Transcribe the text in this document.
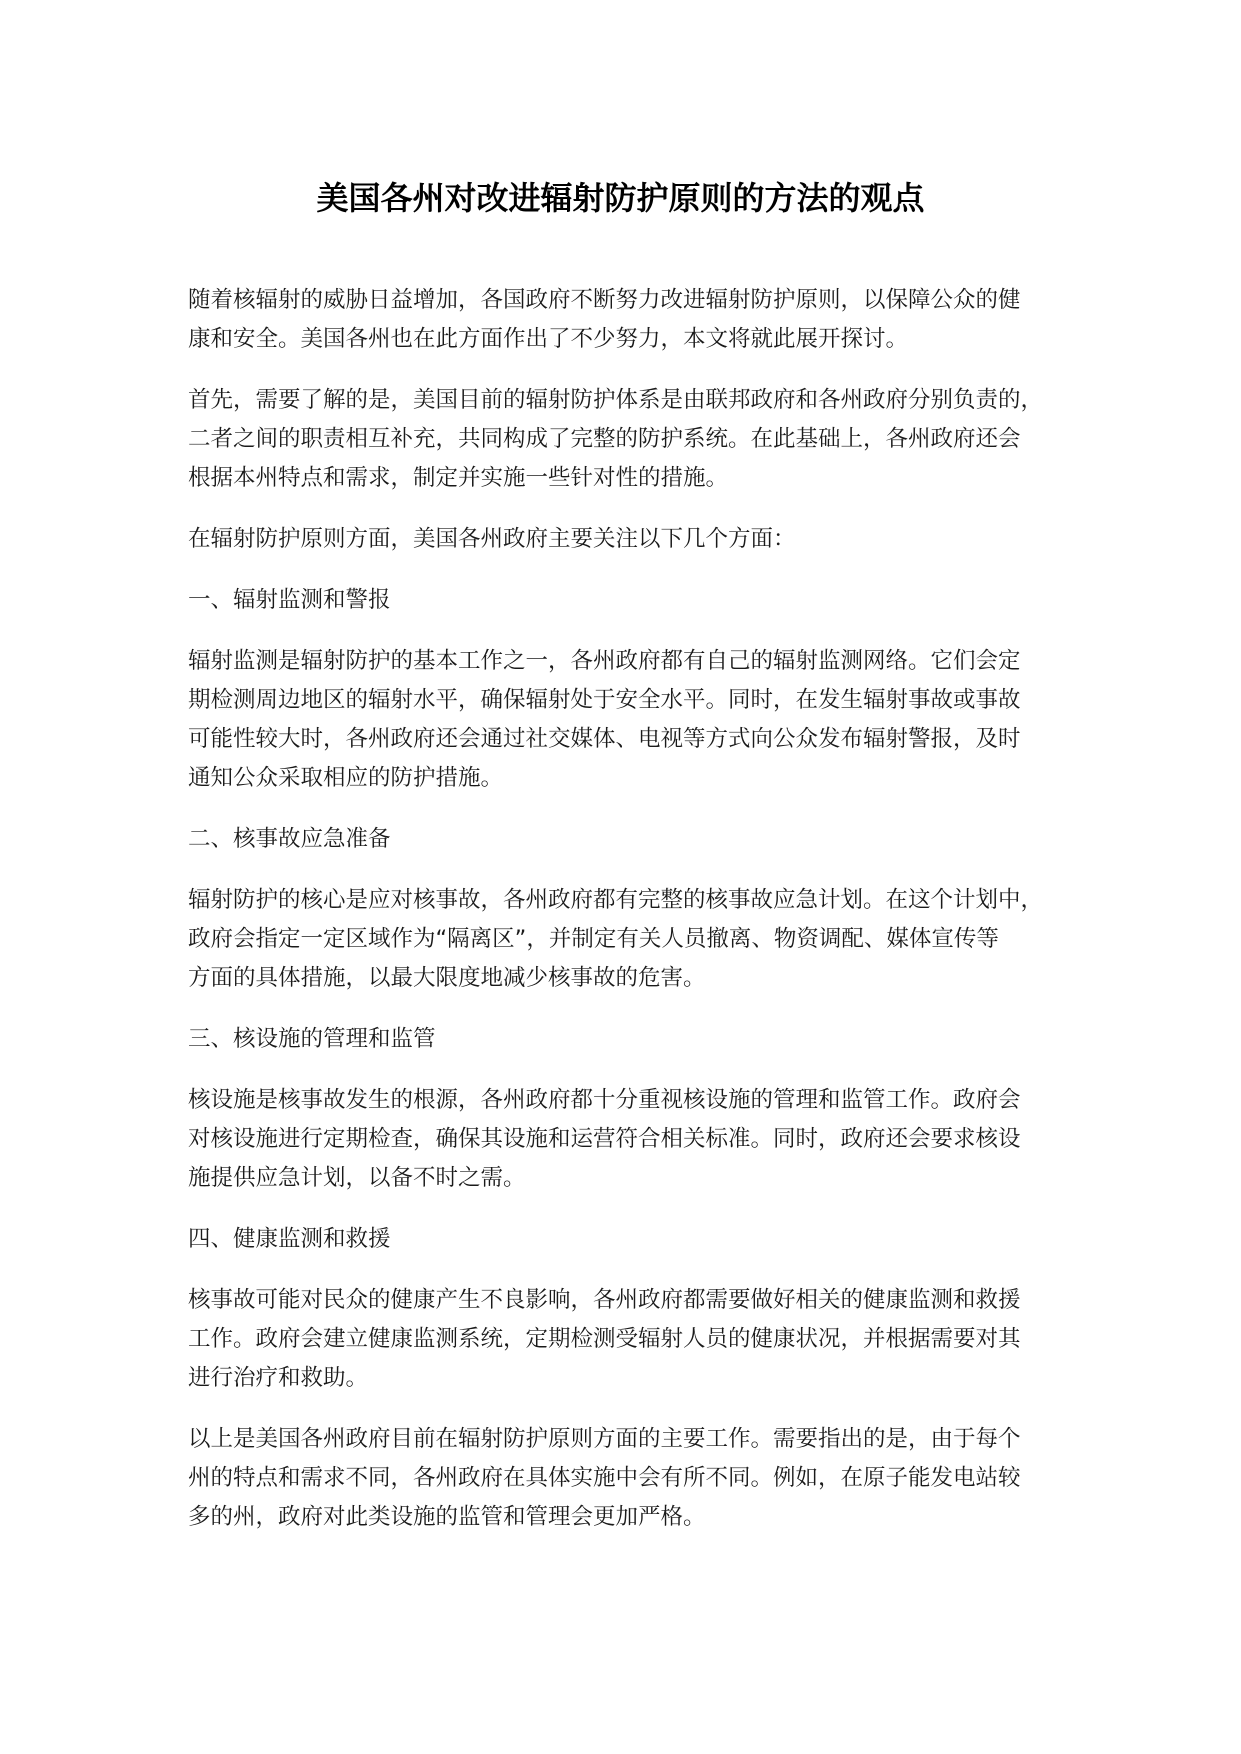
美国各州对改进辐射防护原则的方法的观点

随着核辐射的威胁日益增加，各国政府不断努力改进辐射防护原则，以保障公众的健
康和安全。美国各州也在此方面作出了不少努力，本文将就此展开探讨。

首先，需要了解的是，美国目前的辐射防护体系是由联邦政府和各州政府分别负责的，
二者之间的职责相互补充，共同构成了完整的防护系统。在此基础上，各州政府还会
根据本州特点和需求，制定并实施一些针对性的措施。

在辐射防护原则方面，美国各州政府主要关注以下几个方面：

一、辐射监测和警报

辐射监测是辐射防护的基本工作之一，各州政府都有自己的辐射监测网络。它们会定
期检测周边地区的辐射水平，确保辐射处于安全水平。同时，在发生辐射事故或事故
可能性较大时，各州政府还会通过社交媒体、电视等方式向公众发布辐射警报，及时
通知公众采取相应的防护措施。

二、核事故应急准备

辐射防护的核心是应对核事故，各州政府都有完整的核事故应急计划。在这个计划中，
政府会指定一定区域作为“隔离区”，并制定有关人员撤离、物资调配、媒体宣传等
方面的具体措施，以最大限度地减少核事故的危害。

三、核设施的管理和监管

核设施是核事故发生的根源，各州政府都十分重视核设施的管理和监管工作。政府会
对核设施进行定期检查，确保其设施和运营符合相关标准。同时，政府还会要求核设
施提供应急计划，以备不时之需。

四、健康监测和救援

核事故可能对民众的健康产生不良影响，各州政府都需要做好相关的健康监测和救援
工作。政府会建立健康监测系统，定期检测受辐射人员的健康状况，并根据需要对其
进行治疗和救助。

以上是美国各州政府目前在辐射防护原则方面的主要工作。需要指出的是，由于每个
州的特点和需求不同，各州政府在具体实施中会有所不同。例如，在原子能发电站较
多的州，政府对此类设施的监管和管理会更加严格。
